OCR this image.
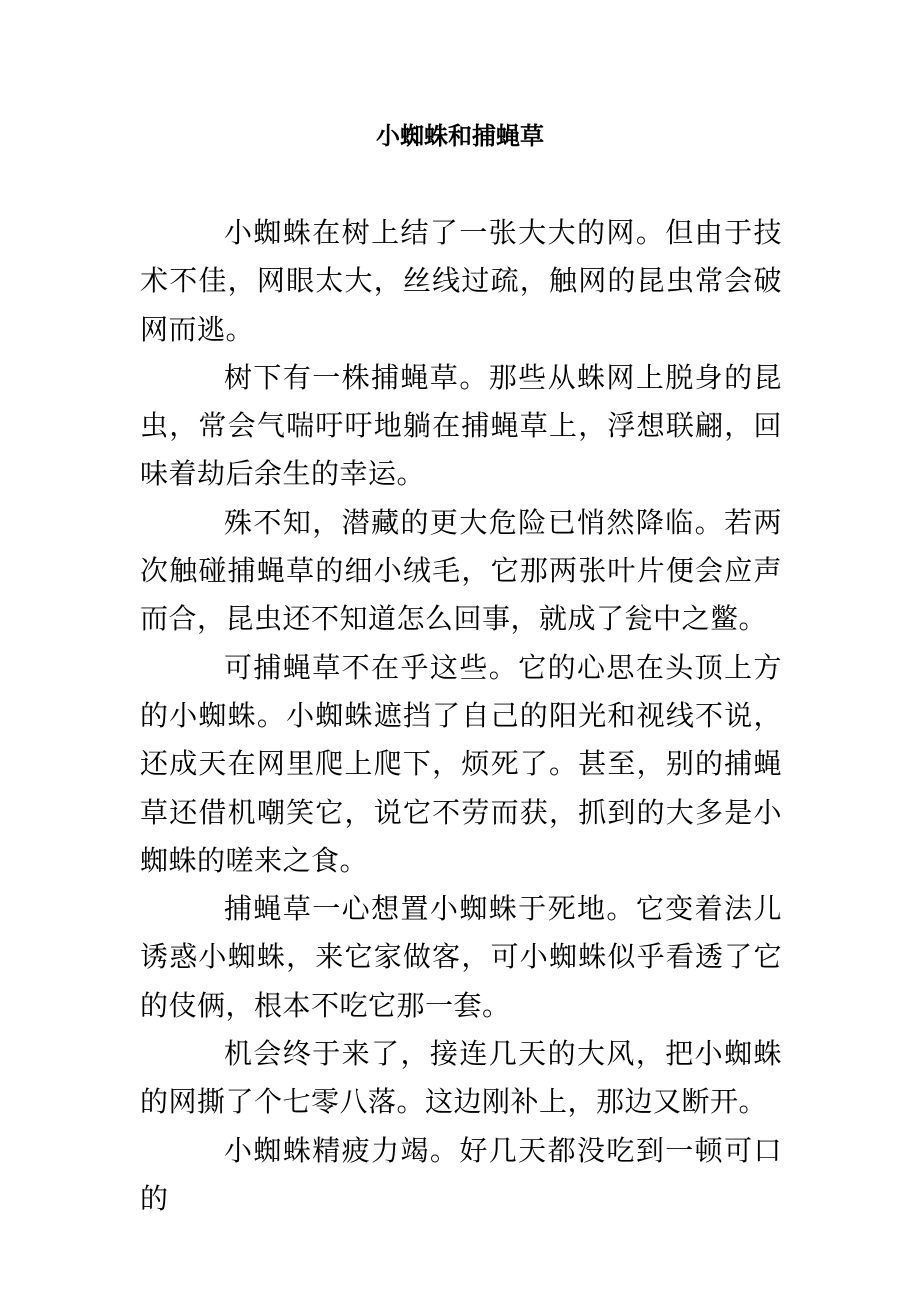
小蜘蛛和捕蝇草

小蜘蛛在树上结了一张大大的网。但由于技术不佳，网眼太大，丝线过疏，触网的昆虫常会破网而逃。

树下有一株捕蝇草。那些从蛛网上脱身的昆虫，常会气喘吁吁地躺在捕蝇草上，浮想联翩，回味着劫后余生的幸运。

殊不知，潜藏的更大危险已悄然降临。若两次触碰捕蝇草的细小绒毛，它那两张叶片便会应声而合，昆虫还不知道怎么回事，就成了瓮中之鳖。

可捕蝇草不在乎这些。它的心思在头顶上方的小蜘蛛。小蜘蛛遮挡了自己的阳光和视线不说，还成天在网里爬上爬下，烦死了。甚至，别的捕蝇草还借机嘲笑它，说它不劳而获，抓到的大多是小蜘蛛的嗟来之食。

捕蝇草一心想置小蜘蛛于死地。它变着法儿诱惑小蜘蛛，来它家做客，可小蜘蛛似乎看透了它的伎俩，根本不吃它那一套。

机会终于来了，接连几天的大风，把小蜘蛛的网撕了个七零八落。这边刚补上，那边又断开。

小蜘蛛精疲力竭。好几天都没吃到一顿可口的
